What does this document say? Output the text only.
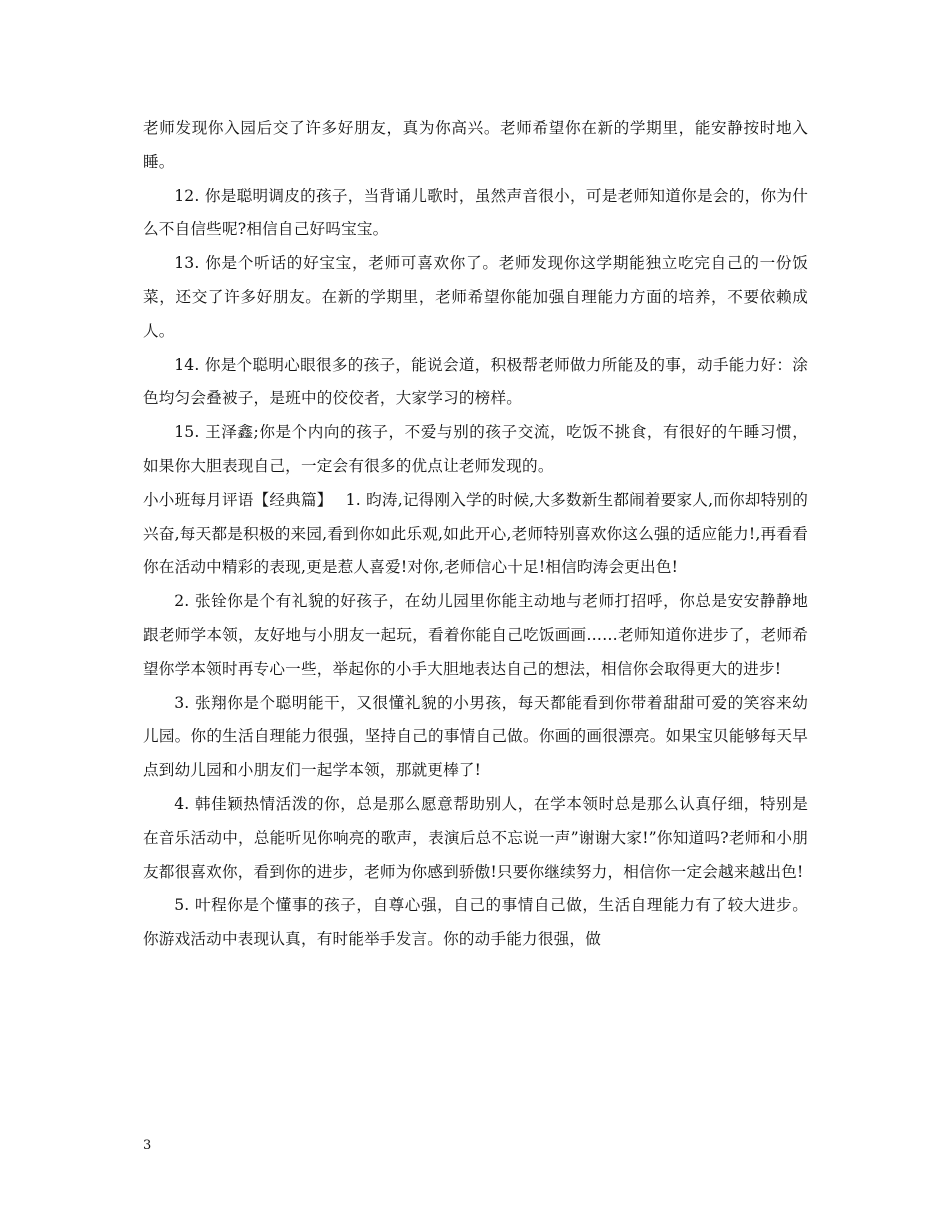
老师发现你入园后交了许多好朋友，真为你高兴。老师希望你在新的学期里，能安静按时地入睡。

12. 你是聪明调皮的孩子，当背诵儿歌时，虽然声音很小，可是老师知道你是会的，你为什么不自信些呢?相信自己好吗宝宝。

13. 你是个听话的好宝宝，老师可喜欢你了。老师发现你这学期能独立吃完自己的一份饭菜，还交了许多好朋友。在新的学期里，老师希望你能加强自理能力方面的培养，不要依赖成人。

14. 你是个聪明心眼很多的孩子，能说会道，积极帮老师做力所能及的事，动手能力好：涂色均匀会叠被子，是班中的佼佼者，大家学习的榜样。

15. 王泽鑫;你是个内向的孩子，不爱与别的孩子交流，吃饭不挑食，有很好的午睡习惯，如果你大胆表现自己，一定会有很多的优点让老师发现的。

小小班每月评语【经典篇】　 1. 昀涛,记得刚入学的时候,大多数新生都闹着要家人,而你却特别的兴奋,每天都是积极的来园,看到你如此乐观,如此开心,老师特别喜欢你这么强的适应能力!,再看看你在活动中精彩的表现,更是惹人喜爱!对你,老师信心十足!相信昀涛会更出色!

2. 张铨你是个有礼貌的好孩子，在幼儿园里你能主动地与老师打招呼，你总是安安静静地跟老师学本领，友好地与小朋友一起玩，看着你能自己吃饭画画……老师知道你进步了，老师希望你学本领时再专心一些，举起你的小手大胆地表达自己的想法，相信你会取得更大的进步!

3. 张翔你是个聪明能干，又很懂礼貌的小男孩，每天都能看到你带着甜甜可爱的笑容来幼儿园。你的生活自理能力很强，坚持自己的事情自己做。你画的画很漂亮。如果宝贝能够每天早点到幼儿园和小朋友们一起学本领，那就更棒了!

4. 韩佳颖热情活泼的你，总是那么愿意帮助别人，在学本领时总是那么认真仔细，特别是在音乐活动中，总能听见你响亮的歌声，表演后总不忘说一声”谢谢大家!”你知道吗?老师和小朋友都很喜欢你，看到你的进步，老师为你感到骄傲!只要你继续努力，相信你一定会越来越出色!

5. 叶程你是个懂事的孩子，自尊心强，自己的事情自己做，生活自理能力有了较大进步。你游戏活动中表现认真，有时能举手发言。你的动手能力很强，做

3
